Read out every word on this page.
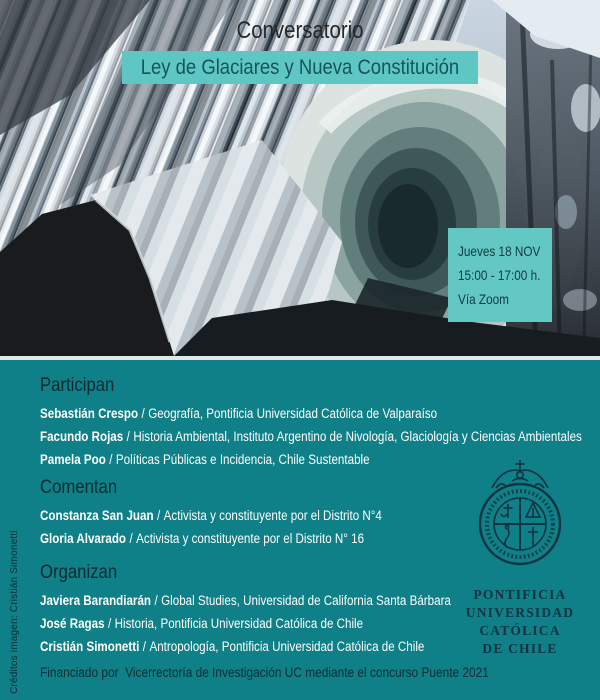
Conversatorio
Ley de Glaciares y Nueva Constitución
Jueves 18 NOV
15:00 - 17:00 h.
Vía Zoom
Participan
Sebastián Crespo / Geografía, Pontificia Universidad Católica de Valparaíso
Facundo Rojas / Historia Ambiental, Instituto Argentino de Nivología, Glaciología y Ciencias Ambientales
Pamela Poo / Políticas Públicas e Incidencia, Chile Sustentable
Comentan
Constanza San Juan / Activista y constituyente por el Distrito N°4
Gloria Alvarado / Activista y constituyente por el Distrito N° 16
Organizan
Javiera Barandiarán / Global Studies, Universidad de California Santa Bárbara
José Ragas / Historia, Pontificia Universidad Católica de Chile
Cristián Simonetti / Antropología, Pontificia Universidad Católica de Chile
Financiado por  Vicerrectoría de Investigación UC mediante el concurso Puente 2021
Créditos imagen: Cristián Simonetti	PONTIFICIA
UNIVERSIDAD
CATÓLICA
DE CHILE
